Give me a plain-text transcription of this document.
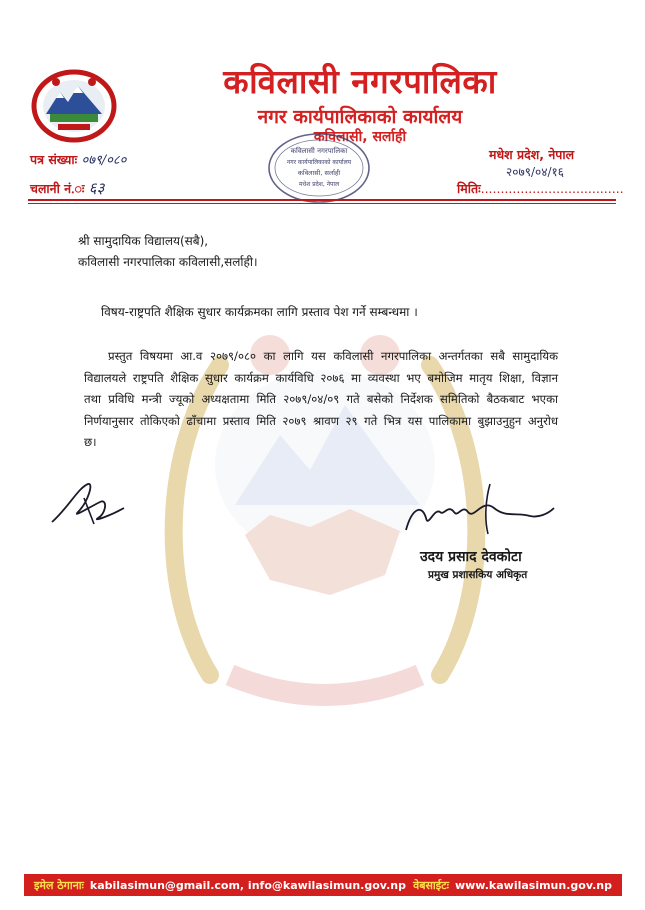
कविलासी नगरपालिका
नगर कार्यपालिकाको कार्यालय
कविलासी, सर्लाही
पत्र संख्याः ०७९/०८०
चलानी नं.ः ६३
मधेश प्रदेश, नेपाल
२०७९/०४/१६
मितिः....................................
कविलासी नगरपालिका
नगर कार्यपालिकाको कार्यालय
कविलासी, सर्लाही
मधेश प्रदेश, नेपाल
श्री सामुदायिक विद्यालय(सबै),
कविलासी नगरपालिका कविलासी,सर्लाही।
विषय-राष्ट्रपति शैक्षिक सुधार कार्यक्रमका लागि प्रस्ताव पेश गर्ने सम्बन्धमा ।
प्रस्तुत विषयमा आ.व २०७९/०८० का लागि यस कविलासी नगरपालिका अन्तर्गतका सबै सामुदायिक विद्यालयले राष्ट्रपति शैक्षिक सुधार कार्यक्रम कार्यविधि २०७६ मा व्यवस्था भए बमोजिम मातृय शिक्षा, विज्ञान तथा प्रविधि मन्त्री ज्यूको अध्यक्षतामा मिति २०७९/०४/०९ गते बसेको निर्देशक समितिको बैठकबाट भएका निर्णयानुसार तोकिएको ढाँचामा प्रस्ताव मिति २०७९ श्रावण २९ गते भित्र यस पालिकामा बुझाउनुहुन अनुरोध छ।
उदय प्रसाद देवकोटा
प्रमुख प्रशासकिय अधिकृत
इमेल ठेगानाः kabilasimun@gmail.com, info@kawilasimun.gov.np वेबसाईटः www.kawilasimun.gov.np
